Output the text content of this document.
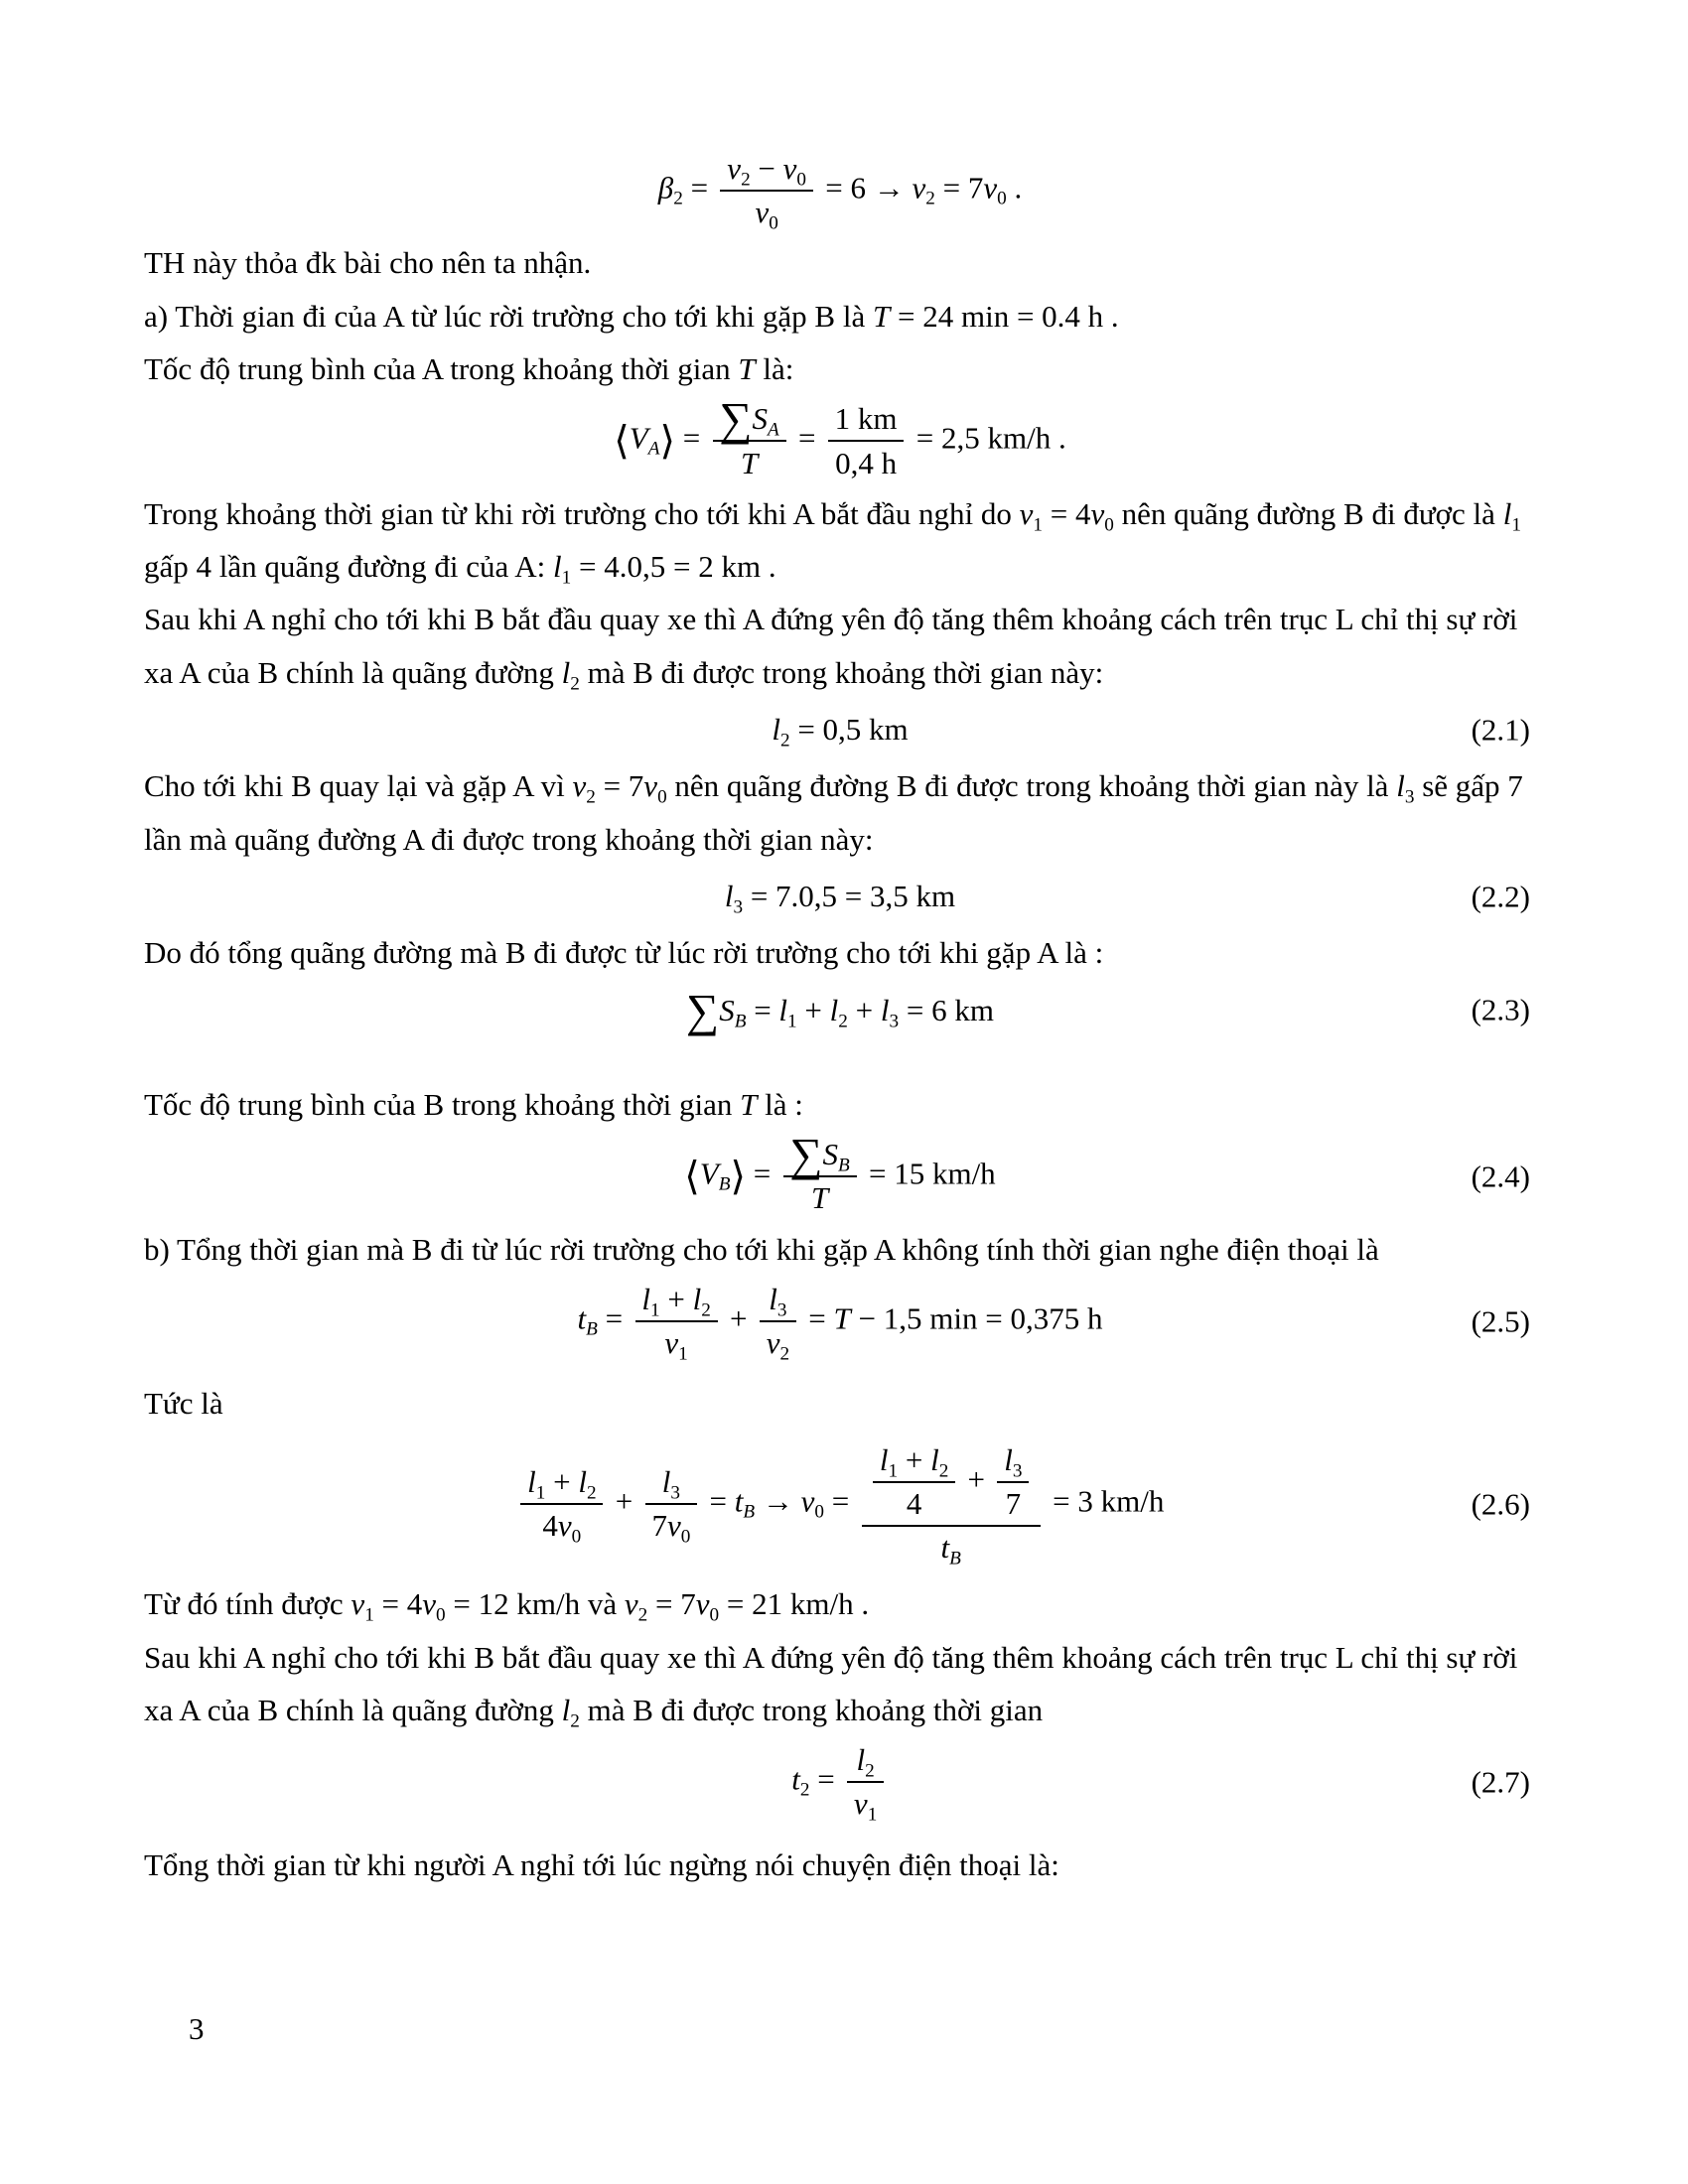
$\beta_2 = \frac{v_2 - v_0}{v_0} = 6 \to v_2 = 7v_0$ .

TH này thỏa đk bài cho nên ta nhận.

a) Thời gian đi của A từ lúc rời trường cho tới khi gặp B là T = 24 min = 0.4 h .

Tốc độ trung bình của A trong khoảng thời gian T là:

$⟨V_A⟩ = \frac{\sum S_A}{T} = \frac{1 km}{0,4 h} = 2,5$ km/h .

Trong khoảng thời gian từ khi rời trường cho tới khi A bắt đầu nghỉ do $v_1 = 4v_0$ nên quãng đường B đi được là $l_1$ gấp 4 lần quãng đường đi của A: $l_1 = 4.0,5 = 2$ km .

Sau khi A nghỉ cho tới khi B bắt đầu quay xe thì A đứng yên độ tăng thêm khoảng cách trên trục L chỉ thị sự rời xa A của B chính là quãng đường $l_2$ mà B đi được trong khoảng thời gian này:

$l_2 = 0,5$ km	(2.1)

Cho tới khi B quay lại và gặp A vì $v_2 = 7v_0$ nên quãng đường B đi được trong khoảng thời gian này là $l_3$ sẽ gấp 7 lần mà quãng đường A đi được trong khoảng thời gian này:

$l_3 = 7.0,5 = 3,5$ km	(2.2)

Do đó tổng quãng đường mà B đi được từ lúc rời trường cho tới khi gặp A là :

$\sum S_B = l_1 + l_2 + l_3 = 6$ km	(2.3)

Tốc độ trung bình của B trong khoảng thời gian T là :

$⟨V_B⟩ = \frac{\sum S_B}{T} = 15$ km/h	(2.4)

b) Tổng thời gian mà B đi từ lúc rời trường cho tới khi gặp A không tính thời gian nghe điện thoại là

$t_B = \frac{l_1 + l_2}{v_1} + \frac{l_3}{v_2} = T - 1,5$ min = 0,375 h	(2.5)

Tức là

$\frac{l_1 + l_2}{4v_0} + \frac{l_3}{7v_0} = t_B \to v_0 = \frac{\frac{l_1 + l_2}{4} + \frac{l_3}{7}}{t_B} = 3$ km/h	(2.6)

Từ đó tính được $v_1 = 4v_0 = 12$ km/h và $v_2 = 7v_0 = 21$ km/h .

Sau khi A nghỉ cho tới khi B bắt đầu quay xe thì A đứng yên độ tăng thêm khoảng cách trên trục L chỉ thị sự rời xa A của B chính là quãng đường $l_2$ mà B đi được trong khoảng thời gian

$t_2 = \frac{l_2}{v_1}$	(2.7)

Tổng thời gian từ khi người A nghỉ tới lúc ngừng nói chuyện điện thoại là:

3
